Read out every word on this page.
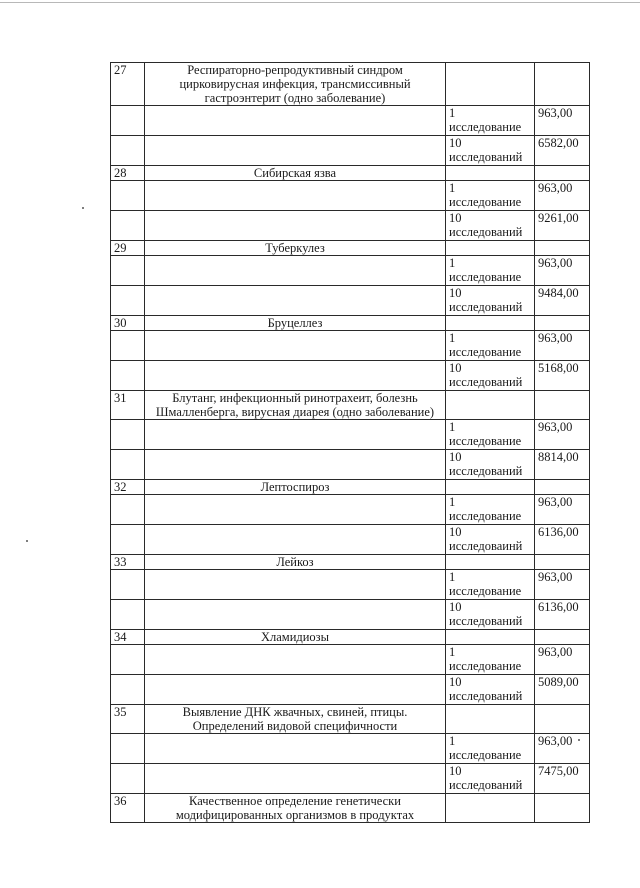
27	Респираторно-репродуктивный синдром цирковирусная инфекция, трансмиссивный гастроэнтерит (одно заболевание)		

		1
исследование	963,00

		10
исследований	6582,00
28	Сибирская язва		

		1
исследование	963,00

		10
исследований	9261,00
29	Туберкулез		

		1
исследование	963,00

		10
исследований	9484,00
30	Бруцеллез		

		1
исследование	963,00

		10
исследований	5168,00
31	Блутанг, инфекционный ринотрахеит, болезнь Шмалленберга, вирусная диарея (одно заболевание)		

		1
исследование	963,00

		10
исследований	8814,00
32	Лептоспироз		

		1
исследование	963,00

		10
исследоваинй	6136,00
33	Лейкоз		

		1
исследование	963,00

		10
исследований	6136,00
34	Хламидиозы		

		1
исследование	963,00

		10
исследований	5089,00
35	Выявление ДНК жвачных, свиней, птицы. Определений видовой специфичности		

		1
исследование	963,00

		10
исследований	7475,00
36	Качественное определение генетически модифицированных организмов в продуктах		
